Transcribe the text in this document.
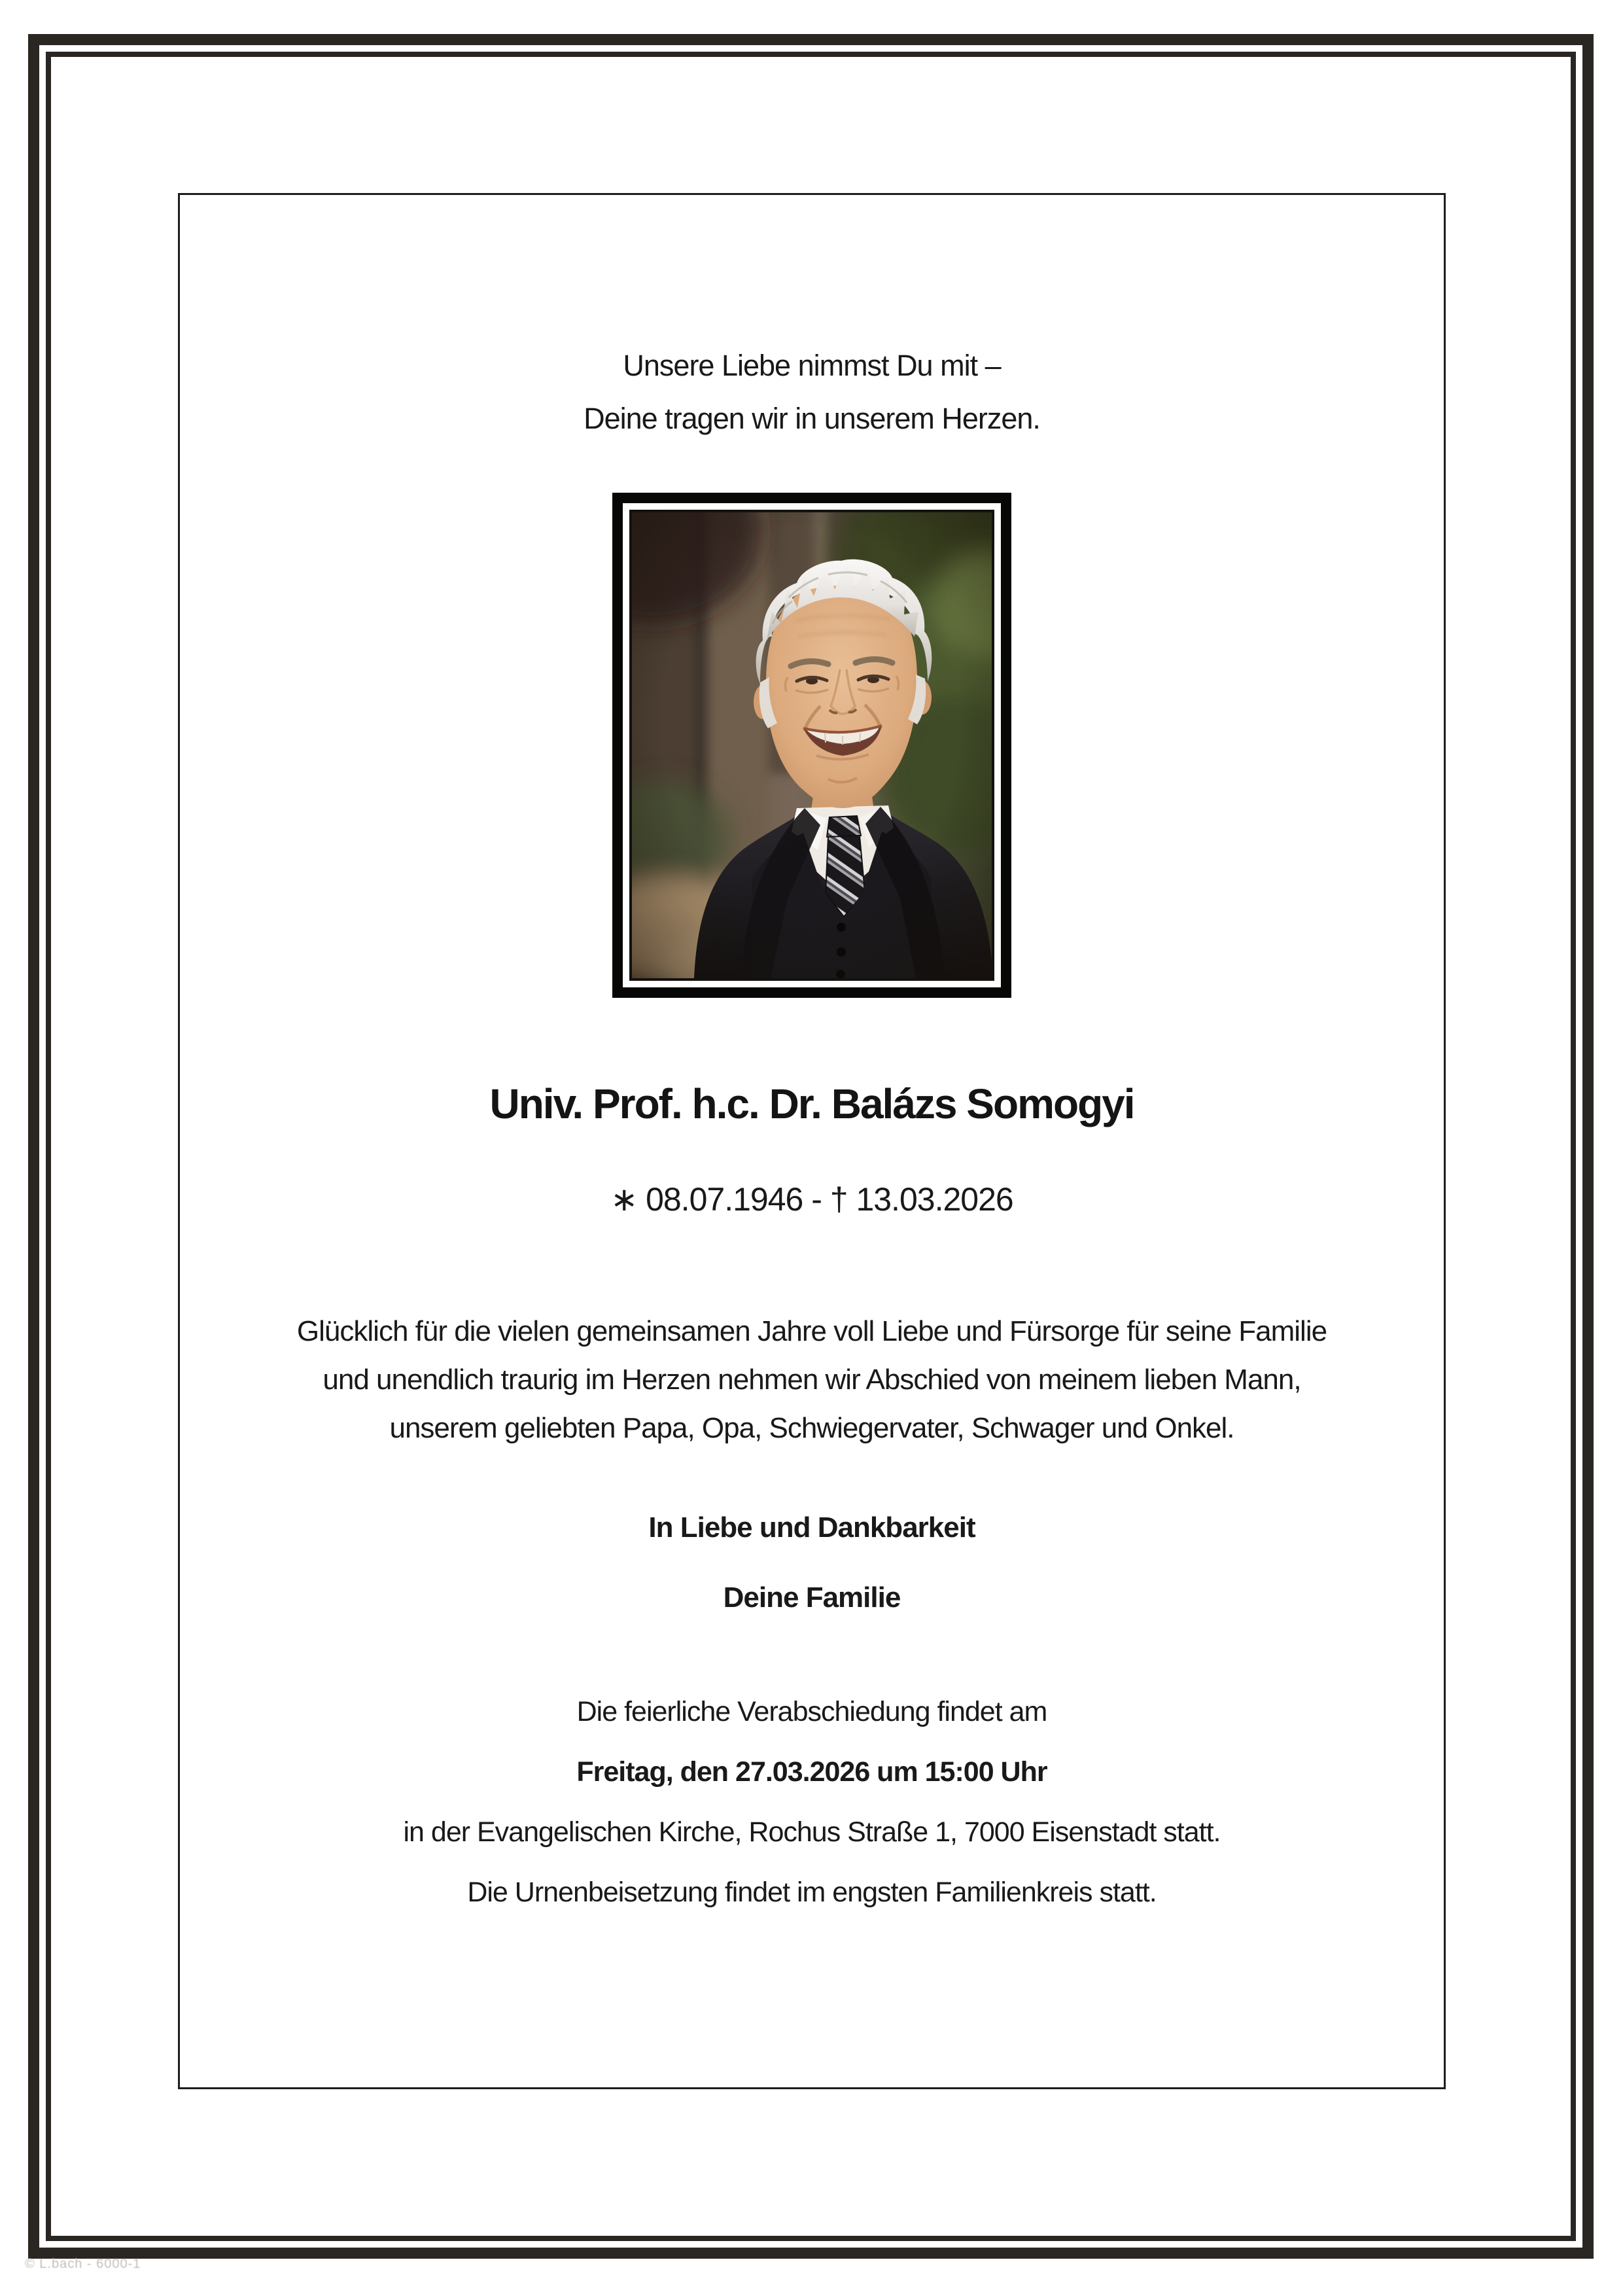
Unsere Liebe nimmst Du mit –
Deine tragen wir in unserem Herzen.
Univ. Prof. h.c. Dr. Balázs Somogyi
∗ 08.07.1946 - † 13.03.2026
Glücklich für die vielen gemeinsamen Jahre voll Liebe und Fürsorge für seine Familie
und unendlich traurig im Herzen nehmen wir Abschied von meinem lieben Mann,
unserem geliebten Papa, Opa, Schwiegervater, Schwager und Onkel.
In Liebe und Dankbarkeit
Deine Familie
Die feierliche Verabschiedung findet am
Freitag, den 27.03.2026 um 15:00 Uhr
in der Evangelischen Kirche, Rochus Straße 1, 7000 Eisenstadt statt.
Die Urnenbeisetzung findet im engsten Familienkreis statt.
© L.bach - 6000-1
